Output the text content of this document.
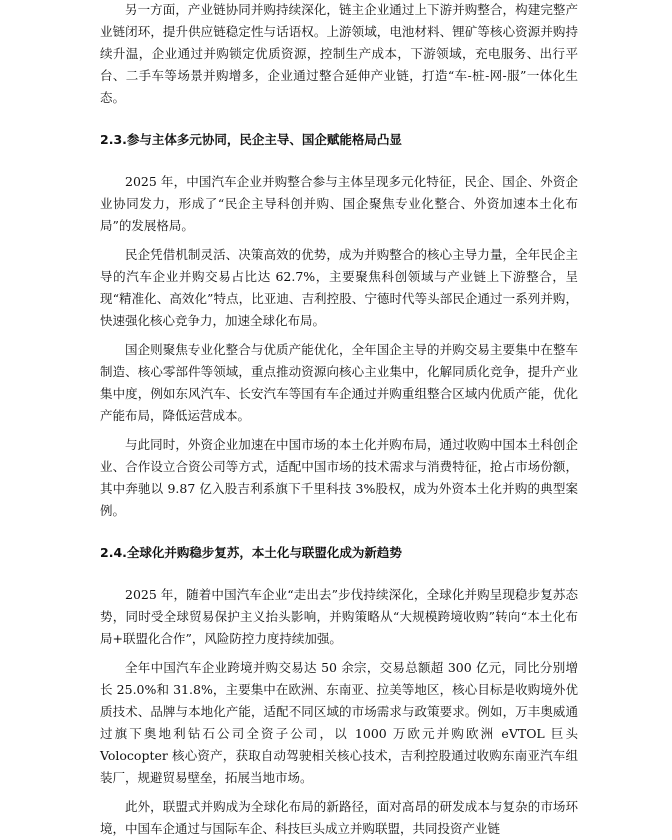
另一方面，产业链协同并购持续深化，链主企业通过上下游并购整合，构建完整产业链闭环，提升供应链稳定性与话语权。上游领域，电池材料、锂矿等核心资源并购持续升温，企业通过并购锁定优质资源，控制生产成本，下游领域，充电服务、出行平台、二手车等场景并购增多，企业通过整合延伸产业链，打造“车-桩-网-服”一体化生态。

2.3.参与主体多元协同，民企主导、国企赋能格局凸显

2025 年，中国汽车企业并购整合参与主体呈现多元化特征，民企、国企、外资企业协同发力，形成了“民企主导科创并购、国企聚焦专业化整合、外资加速本土化布局”的发展格局。

民企凭借机制灵活、决策高效的优势，成为并购整合的核心主导力量，全年民企主导的汽车企业并购交易占比达 62.7%，主要聚焦科创领域与产业链上下游整合，呈现“精准化、高效化”特点，比亚迪、吉利控股、宁德时代等头部民企通过一系列并购，快速强化核心竞争力，加速全球化布局。

国企则聚焦专业化整合与优质产能优化，全年国企主导的并购交易主要集中在整车制造、核心零部件等领域，重点推动资源向核心主业集中，化解同质化竞争，提升产业集中度，例如东风汽车、长安汽车等国有车企通过并购重组整合区域内优质产能，优化产能布局，降低运营成本。

与此同时，外资企业加速在中国市场的本土化并购布局，通过收购中国本土科创企业、合作设立合资公司等方式，适配中国市场的技术需求与消费特征，抢占市场份额，其中奔驰以 9.87 亿入股吉利系旗下千里科技 3%股权，成为外资本土化并购的典型案例。

2.4.全球化并购稳步复苏，本土化与联盟化成为新趋势

2025 年，随着中国汽车企业“走出去”步伐持续深化，全球化并购呈现稳步复苏态势，同时受全球贸易保护主义抬头影响，并购策略从“大规模跨境收购”转向“本土化布局+联盟化合作”，风险防控力度持续加强。

全年中国汽车企业跨境并购交易达 50 余宗，交易总额超 300 亿元，同比分别增长 25.0%和 31.8%，主要集中在欧洲、东南亚、拉美等地区，核心目标是收购境外优质技术、品牌与本地化产能，适配不同区域的市场需求与政策要求。例如，万丰奥威通过旗下奥地利钻石公司全资子公司，以 1000 万欧元并购欧洲 eVTOL 巨头 Volocopter 核心资产，获取自动驾驶相关核心技术，吉利控股通过收购东南亚汽车组装厂，规避贸易壁垒，拓展当地市场。

此外，联盟式并购成为全球化布局的新路径，面对高昂的研发成本与复杂的市场环境，中国车企通过与国际车企、科技巨头成立并购联盟，共同投资产业链
